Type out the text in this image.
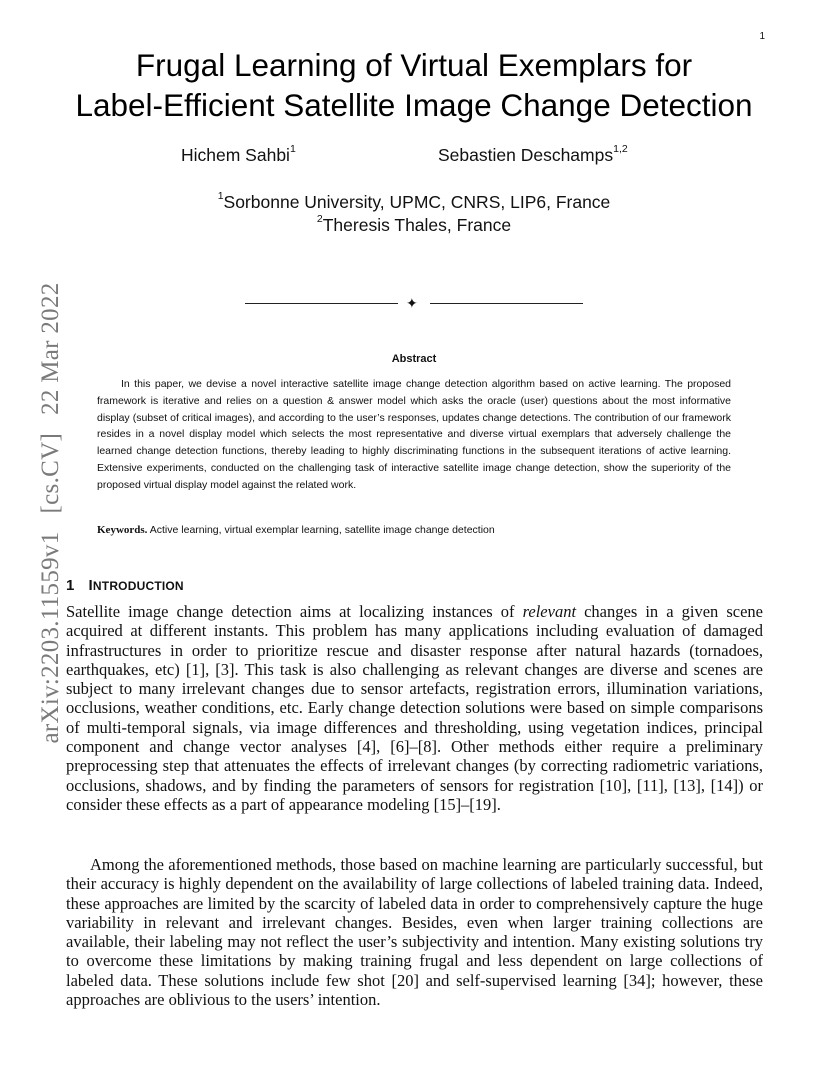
1
Frugal Learning of Virtual Exemplars for
Label-Efficient Satellite Image Change Detection
Hichem Sahbi$^1$	Sebastien Deschamps$^{1,2}$
$^1$Sorbonne University, UPMC, CNRS, LIP6, France
$^2$Theresis Thales, France
✦
Abstract

In this paper, we devise a novel interactive satellite image change detection algorithm based on active learning. The proposed framework is iterative and relies on a question & answer model which asks the oracle (user) questions about the most informative display (subset of critical images), and according to the user’s responses, updates change detections. The contribution of our framework resides in a novel display model which selects the most representative and diverse virtual exemplars that adversely challenge the learned change detection functions, thereby leading to highly discriminating functions in the subsequent iterations of active learning. Extensive experiments, conducted on the challenging task of interactive satellite image change detection, show the superiority of the proposed virtual display model against the related work.

Keywords. Active learning, virtual exemplar learning, satellite image change detection
1 INTRODUCTION

Satellite image change detection aims at localizing instances of relevant changes in a given scene acquired at different instants. This problem has many applications including evaluation of damaged infrastructures in order to prioritize rescue and disaster response after natural hazards (tornadoes, earthquakes, etc) [1], [3]. This task is also challenging as relevant changes are diverse and scenes are subject to many irrelevant changes due to sensor artefacts, registration errors, illumination variations, occlusions, weather conditions, etc. Early change detection solutions were based on simple comparisons of multi-temporal signals, via image differences and thresholding, using vegetation indices, principal component and change vector analyses [4], [6]–[8]. Other methods either require a preliminary preprocessing step that attenuates the effects of irrelevant changes (by correcting radiometric variations, occlusions, shadows, and by finding the parameters of sensors for registration [10], [11], [13], [14]) or consider these effects as a part of appearance modeling [15]–[19].

Among the aforementioned methods, those based on machine learning are particularly successful, but their accuracy is highly dependent on the availability of large collections of labeled training data. Indeed, these approaches are limited by the scarcity of labeled data in order to comprehensively capture the huge variability in relevant and irrelevant changes. Besides, even when larger training collections are available, their labeling may not reflect the user’s subjectivity and intention. Many existing solutions try to overcome these limitations by making training frugal and less dependent on large collections of labeled data. These solutions include few shot [20] and self-supervised learning [34]; however, these approaches are oblivious to the users’ intention.

arXiv:2203.11559v1[cs.CV]22 Mar 2022
